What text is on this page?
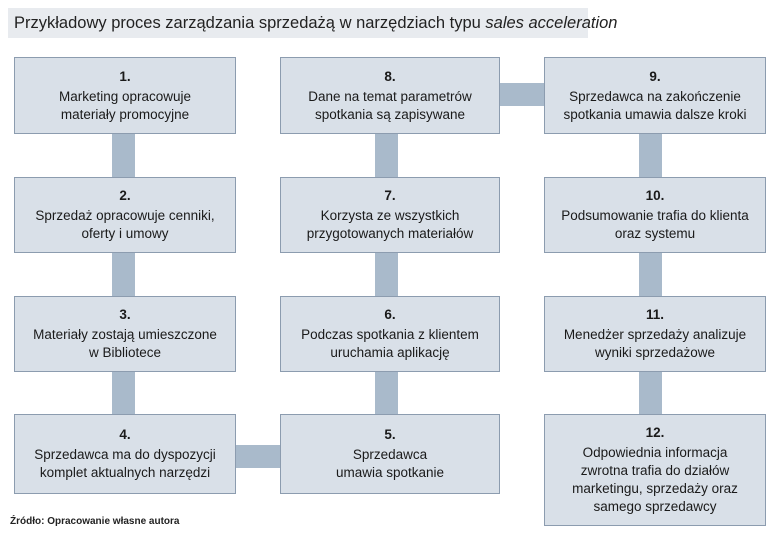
Przykładowy proces zarządzania sprzedażą w narzędziach typu sales acceleration
1.
Marketing opracowuje
materiały promocyjne
2.
Sprzedaż opracowuje cenniki,
oferty i umowy
3.
Materiały zostają umieszczone
w Bibliotece
4.
Sprzedawca ma do dyspozycji
komplet aktualnych narzędzi
8.
Dane na temat parametrów
spotkania są zapisywane
7.
Korzysta ze wszystkich
przygotowanych materiałów
6.
Podczas spotkania z klientem
uruchamia aplikację
5.
Sprzedawca
umawia spotkanie
9.
Sprzedawca na zakończenie
spotkania umawia dalsze kroki
10.
Podsumowanie trafia do klienta
oraz systemu
11.
Menedżer sprzedaży analizuje
wyniki sprzedażowe
12.
Odpowiednia informacja
zwrotna trafia do działów
marketingu, sprzedaży oraz
samego sprzedawcy
Źródło: Opracowanie własne autora
